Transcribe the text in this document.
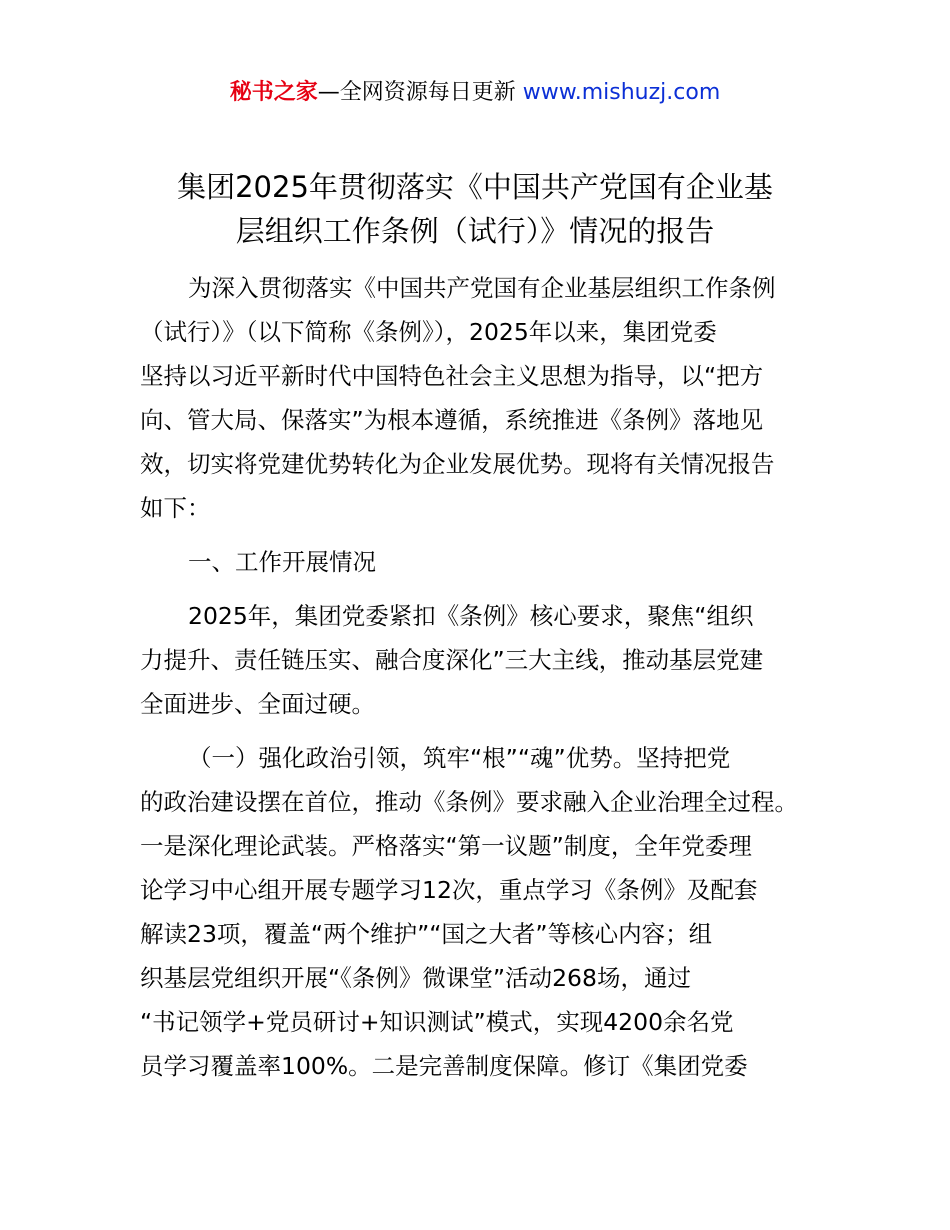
秘书之家—全网资源每日更新 www.mishuzj.com
集团2025年贯彻落实《中国共产党国有企业基
层组织工作条例（试行）》情况的报告

为深入贯彻落实《中国共产党国有企业基层组织工作条例
（试行）》（以下简称《条例》），2025年以来，集团党委
坚持以习近平新时代中国特色社会主义思想为指导，以“把方
向、管大局、保落实”为根本遵循，系统推进《条例》落地见
效，切实将党建优势转化为企业发展优势。现将有关情况报告
如下：

一、工作开展情况

2025年，集团党委紧扣《条例》核心要求，聚焦“组织
力提升、责任链压实、融合度深化”三大主线，推动基层党建
全面进步、全面过硬。

（一）强化政治引领，筑牢“根”“魂”优势。坚持把党
的政治建设摆在首位，推动《条例》要求融入企业治理全过程。
一是深化理论武装。严格落实“第一议题”制度，全年党委理
论学习中心组开展专题学习12次，重点学习《条例》及配套
解读23项，覆盖“两个维护”“国之大者”等核心内容；组
织基层党组织开展“《条例》微课堂”活动268场，通过
“书记领学+党员研讨+知识测试”模式，实现4200余名党
员学习覆盖率100%。二是完善制度保障。修订《集团党委
